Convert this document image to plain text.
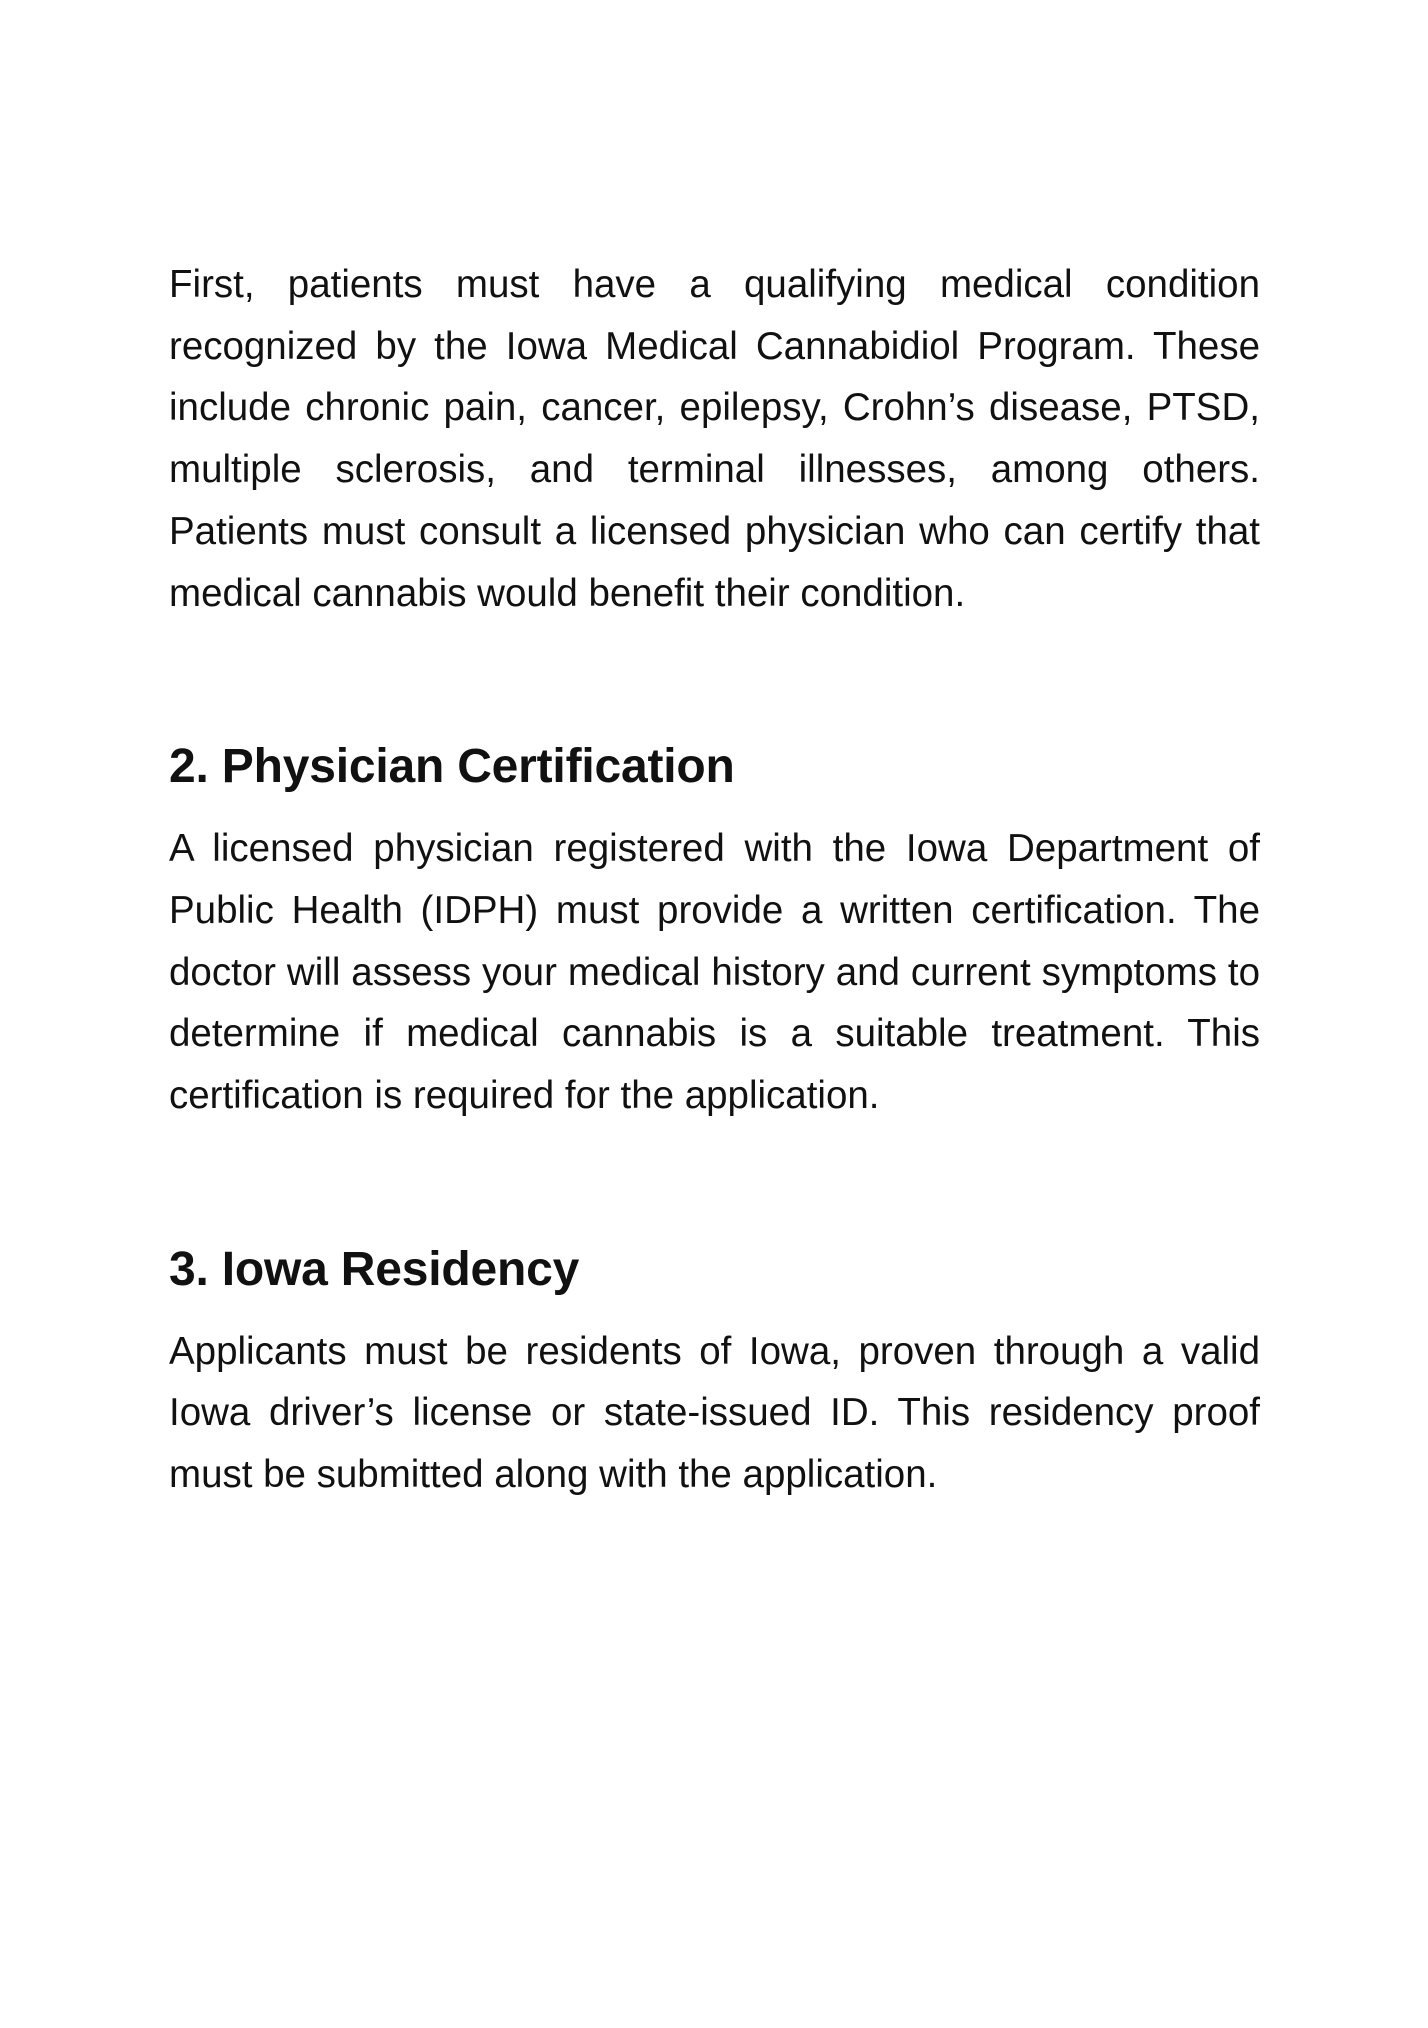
First, patients must have a qualifying medical condition recognized by the Iowa Medical Cannabidiol Program. These include chronic pain, cancer, epilepsy, Crohn’s disease, PTSD, multiple sclerosis, and terminal illnesses, among others. Patients must consult a licensed physician who can certify that medical cannabis would benefit their condition.

2. Physician Certification

A licensed physician registered with the Iowa Department of Public Health (IDPH) must provide a written certification. The doctor will assess your medical history and current symptoms to determine if medical cannabis is a suitable treatment. This certification is required for the application.

3. Iowa Residency

Applicants must be residents of Iowa, proven through a valid Iowa driver’s license or state-issued ID. This residency proof must be submitted along with the application.
